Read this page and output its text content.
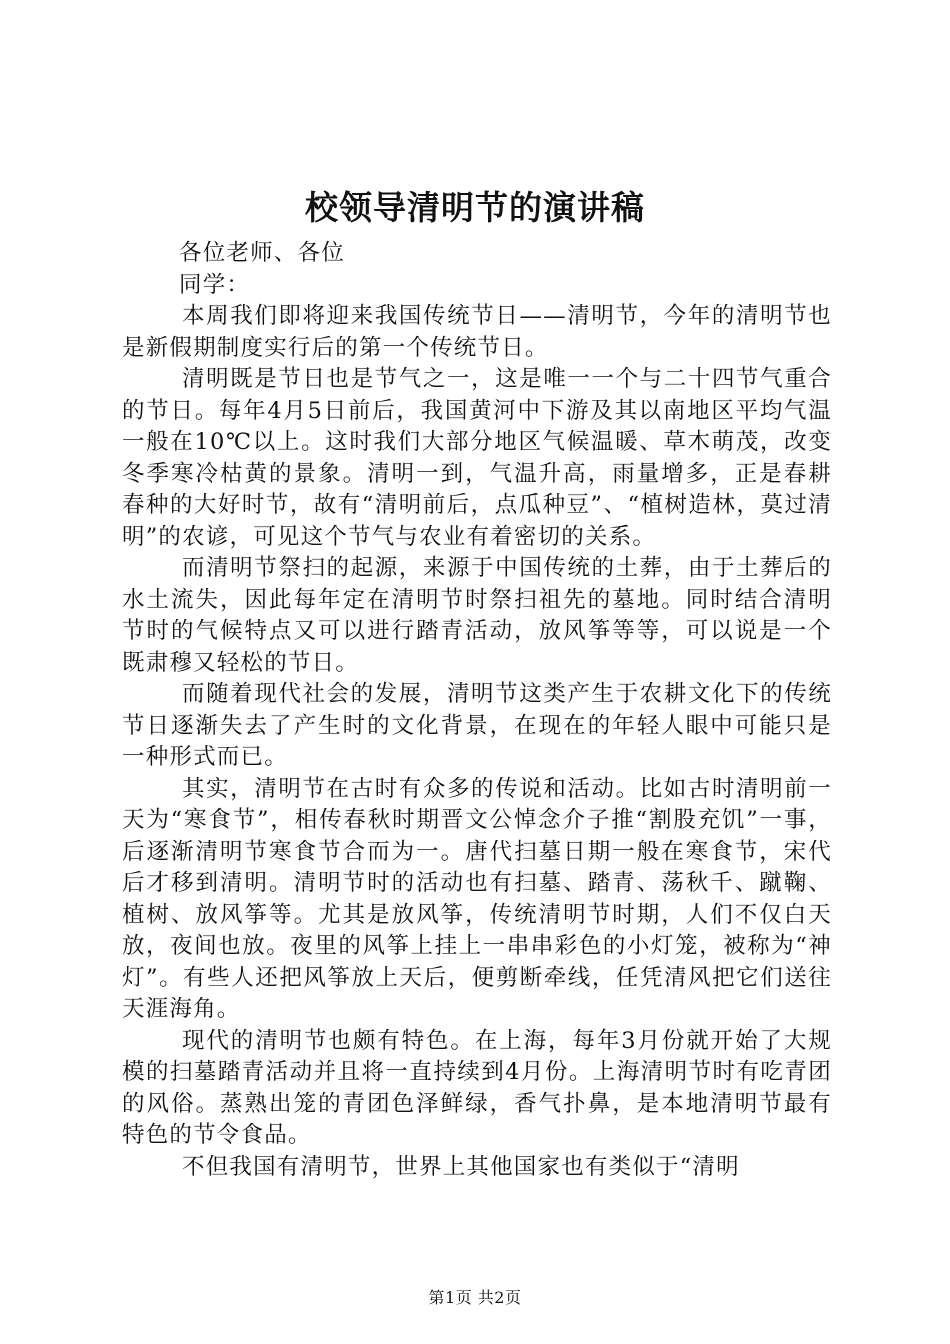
校领导清明节的演讲稿
各位老师、各位
同学：

本周我们即将迎来我国传统节日——清明节，今年的清明节也是新假期制度实行后的第一个传统节日。

清明既是节日也是节气之一，这是唯一一个与二十四节气重合的节日。每年4月5日前后，我国黄河中下游及其以南地区平均气温一般在10℃以上。这时我们大部分地区气候温暖、草木萌茂，改变冬季寒冷枯黄的景象。清明一到，气温升高，雨量增多，正是春耕春种的大好时节，故有“清明前后，点瓜种豆”、“植树造林，莫过清明”的农谚，可见这个节气与农业有着密切的关系。

而清明节祭扫的起源，来源于中国传统的土葬，由于土葬后的水土流失，因此每年定在清明节时祭扫祖先的墓地。同时结合清明节时的气候特点又可以进行踏青活动，放风筝等等，可以说是一个既肃穆又轻松的节日。

而随着现代社会的发展，清明节这类产生于农耕文化下的传统节日逐渐失去了产生时的文化背景，在现在的年轻人眼中可能只是一种形式而已。

其实，清明节在古时有众多的传说和活动。比如古时清明前一天为“寒食节”，相传春秋时期晋文公悼念介子推“割股充饥”一事，后逐渐清明节寒食节合而为一。唐代扫墓日期一般在寒食节，宋代后才移到清明。清明节时的活动也有扫墓、踏青、荡秋千、蹴鞠、植树、放风筝等。尤其是放风筝，传统清明节时期，人们不仅白天放，夜间也放。夜里的风筝上挂上一串串彩色的小灯笼，被称为“神灯”。有些人还把风筝放上天后，便剪断牵线，任凭清风把它们送往天涯海角。

现代的清明节也颇有特色。在上海，每年3月份就开始了大规模的扫墓踏青活动并且将一直持续到4月份。上海清明节时有吃青团的风俗。蒸熟出笼的青团色泽鲜绿，香气扑鼻，是本地清明节最有特色的节令食品。

不但我国有清明节，世界上其他国家也有类似于“清明

第1页 共2页
